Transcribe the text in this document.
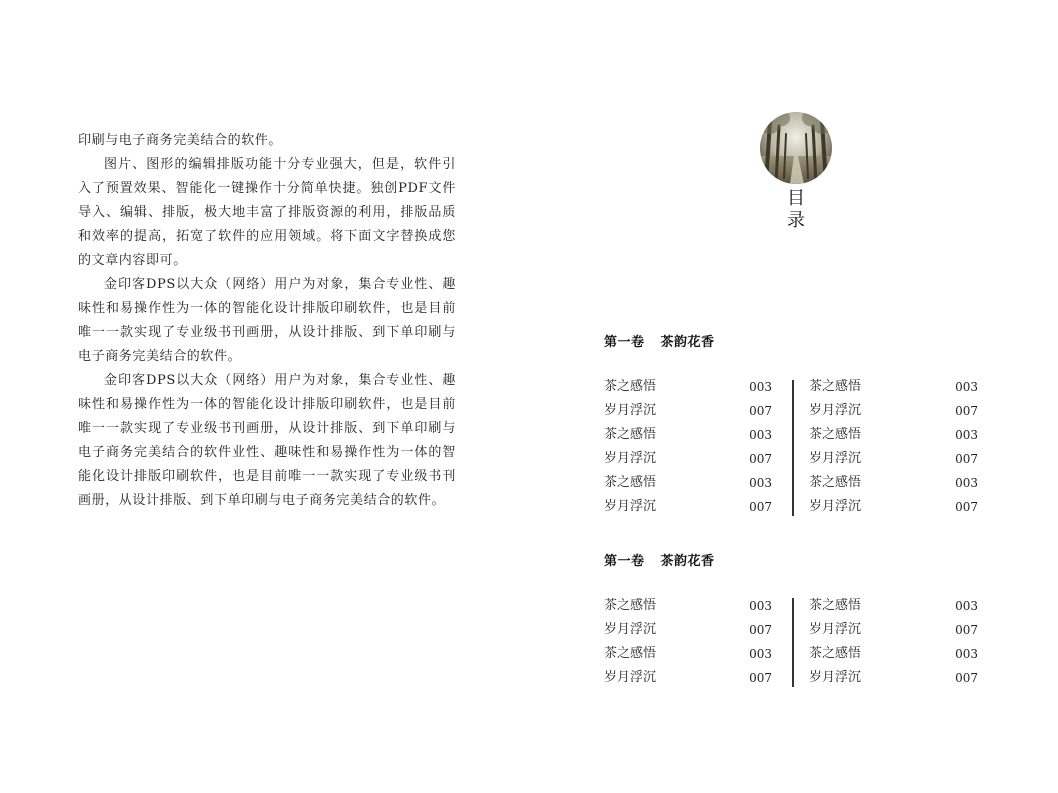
印刷与电子商务完美结合的软件。

图片、图形的编辑排版功能十分专业强大，但是，软件引入了预置效果、智能化一键操作十分简单快捷。独创PDF文件导入、编辑、排版，极大地丰富了排版资源的利用，排版品质和效率的提高，拓宽了软件的应用领域。将下面文字替换成您的文章内容即可。

金印客DPS以大众（网络）用户为对象，集合专业性、趣味性和易操作性为一体的智能化设计排版印刷软件，也是目前唯一一款实现了专业级书刊画册，从设计排版、到下单印刷与电子商务完美结合的软件。

金印客DPS以大众（网络）用户为对象，集合专业性、趣味性和易操作性为一体的智能化设计排版印刷软件，也是目前唯一一款实现了专业级书刊画册，从设计排版、到下单印刷与电子商务完美结合的软件业性、趣味性和易操作性为一体的智能化设计排版印刷软件，也是目前唯一一款实现了专业级书刊画册，从设计排版、到下单印刷与电子商务完美结合的软件。

目
录
第一卷 茶韵花香
茶之感悟	003
岁月浮沉	007
茶之感悟	003
岁月浮沉	007
茶之感悟	003
岁月浮沉	007
茶之感悟	003
岁月浮沉	007
茶之感悟	003
岁月浮沉	007
茶之感悟	003
岁月浮沉	007
第一卷 茶韵花香
茶之感悟	003
岁月浮沉	007
茶之感悟	003
岁月浮沉	007
茶之感悟	003
岁月浮沉	007
茶之感悟	003
岁月浮沉	007
